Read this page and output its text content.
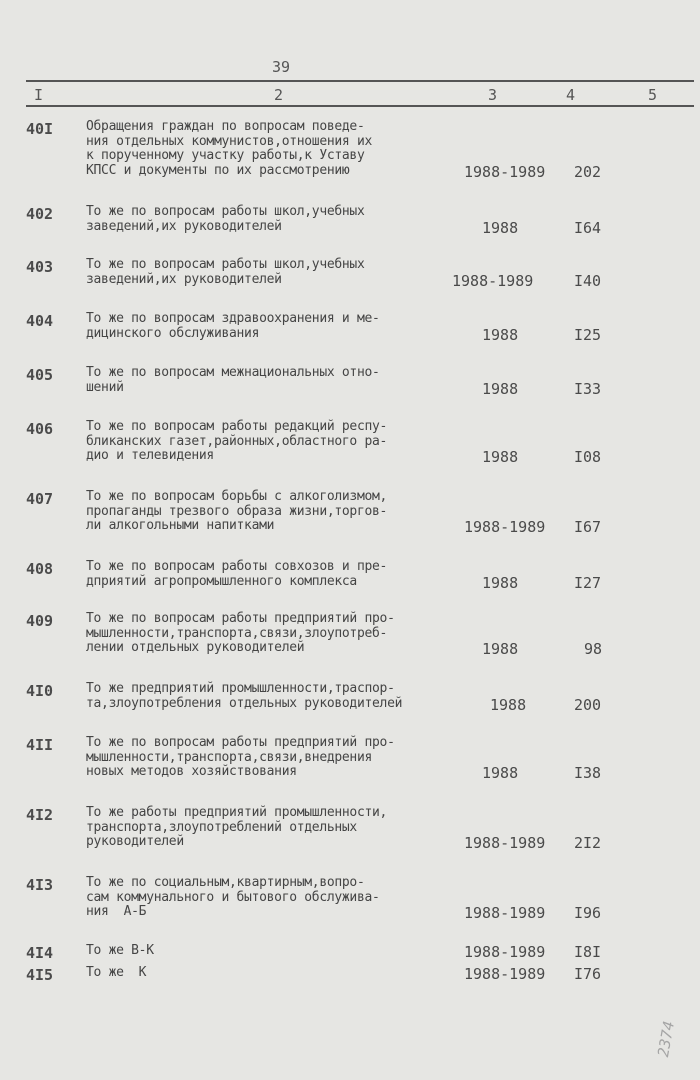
39
I	2	3	4	5
40I	Обращения граждан по вопросам поведе-
ния отдельных коммунистов,отношения их
к порученному участку работы,к Уставу
КПСС и документы по их рассмотрению	1988-1989 202
402	То же по вопросам работы школ,учебных
заведений,их руководителей	1988	I64
403	То же по вопросам работы школ,учебных
заведений,их руководителей	1988-1989	I40
404	То же по вопросам здравоохранения и ме-
дицинского обслуживания	1988	I25
405	То же по вопросам межнациональных отно-
шений	1988	I33
406	То же по вопросам работы редакций респу-
бликанских газет,районных,областного ра-
дио и телевидения	1988	I08
407	То же по вопросам борьбы с алкоголизмом,
пропаганды трезвого образа жизни,торгов-
ли алкогольными напитками	1988-1989 I67
408	То же по вопросам работы совхозов и пре-
дприятий агропромышленного комплекса	1988	I27
409	То же по вопросам работы предприятий про-
мышленности,транспорта,связи,злоупотреб-
лении отдельных руководителей	1988	98
4I0	То же предприятий промышленности,траспор-
та,злоупотребления отдельных руководителей	1988	200
4II	То же по вопросам работы предприятий про-
мышленности,транспорта,связи,внедрения
новых методов хозяйствования	1988	I38
4I2	То же работы предприятий промышленности,
транспорта,злоупотреблений отдельных
руководителей	1988-1989 2I2
4I3	То же по социальным,квартирным,вопро-
сам коммунального и бытового обслужива-
ния  А-Б	1988-1989 I96
4I4	То же В-К	1988-1989 I8I
4I5	То же  К	1988-1989 I76
2374
